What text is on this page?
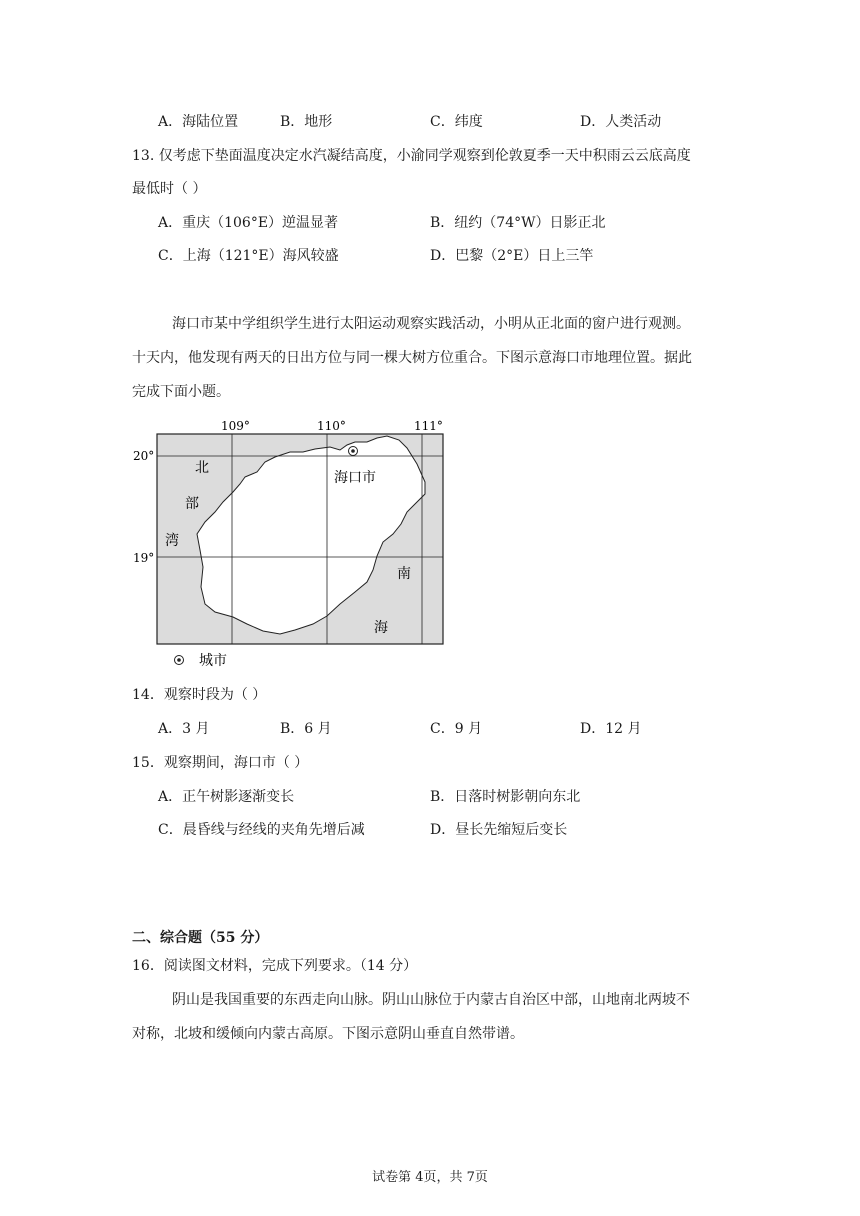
A．海陆位置	B．地形	C．纬度	D．人类活动
13. 仅考虑下垫面温度决定水汽凝结高度，小渝同学观察到伦敦夏季一天中积雨云云底高度
最低时（ ）
A．重庆（106°E）逆温显著	B．纽约（74°W）日影正北
C．上海（121°E）海风较盛	D．巴黎（2°E）日上三竿
海口市某中学组织学生进行太阳运动观察实践活动，小明从正北面的窗户进行观测。
十天内，他发现有两天的日出方位与同一棵大树方位重合。下图示意海口市地理位置。据此
完成下面小题。
109°	110°	111°
20°
19°
北
部
湾
南
海
海口市
城市
14．观察时段为（ ）
A．3 月	B．6 月	C．9 月	D．12 月
15．观察期间，海口市（ ）
A．正午树影逐渐变长	B．日落时树影朝向东北
C．晨昏线与经线的夹角先增后减	D．昼长先缩短后变长
二、综合题（55 分）
16．阅读图文材料，完成下列要求。（14 分）
阴山是我国重要的东西走向山脉。阴山山脉位于内蒙古自治区中部，山地南北两坡不
对称，北坡和缓倾向内蒙古高原。下图示意阴山垂直自然带谱。
试卷第 4页，共 7页
